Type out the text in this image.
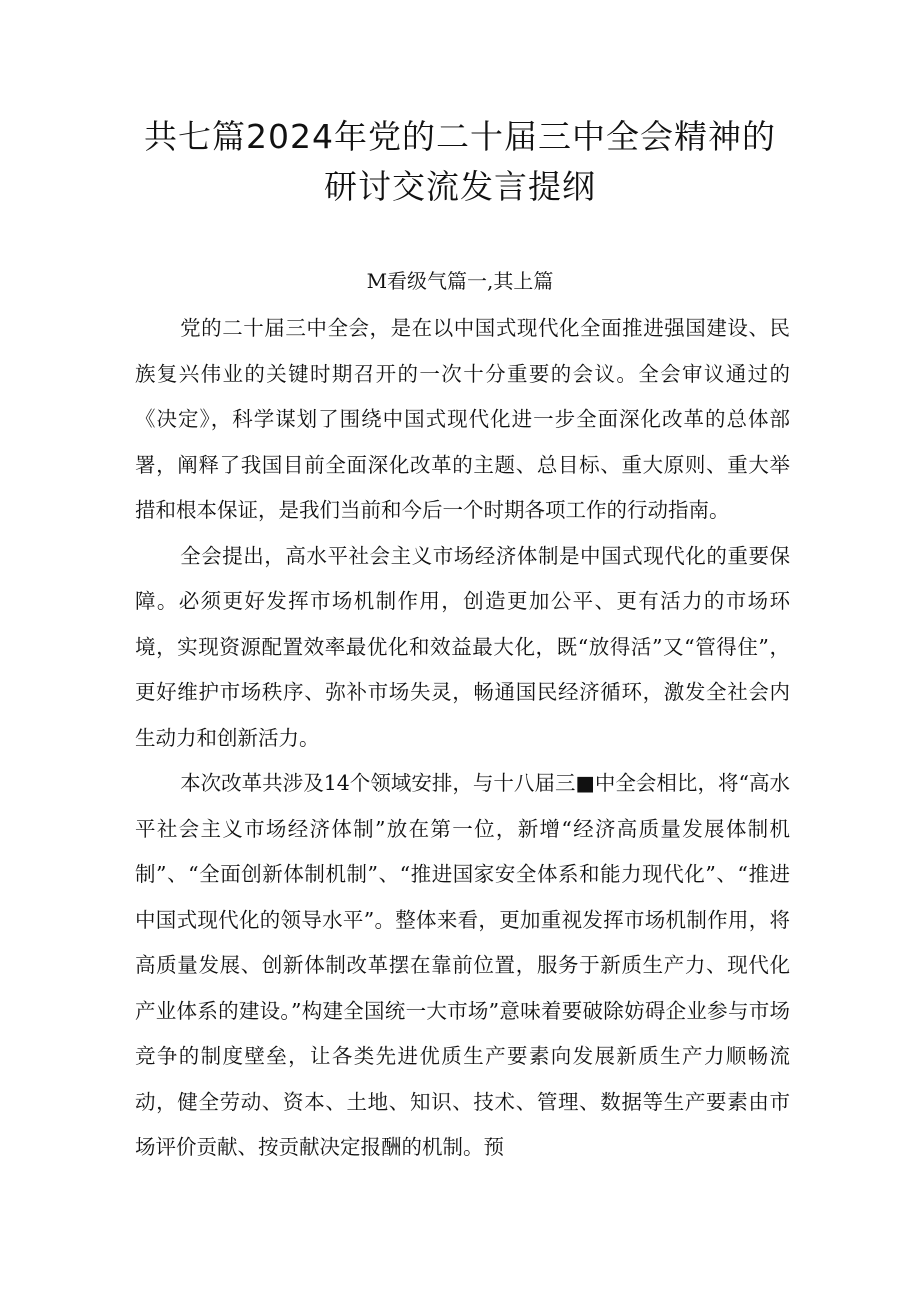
共七篇2024年党的二十届三中全会精神的
研讨交流发言提纲
M看级气篇一,其上篇

党的二十届三中全会，是在以中国式现代化全面推进强国建设、民族复兴伟业的关键时期召开的一次十分重要的会议。全会审议通过的《决定》，科学谋划了围绕中国式现代化进一步全面深化改革的总体部署，阐释了我国目前全面深化改革的主题、总目标、重大原则、重大举措和根本保证，是我们当前和今后一个时期各项工作的行动指南。

全会提出，高水平社会主义市场经济体制是中国式现代化的重要保障。必须更好发挥市场机制作用，创造更加公平、更有活力的市场环境，实现资源配置效率最优化和效益最大化，既“放得活”又“管得住”，更好维护市场秩序、弥补市场失灵，畅通国民经济循环，激发全社会内生动力和创新活力。

本次改革共涉及14个领域安排，与十八届三■中全会相比，将“高水平社会主义市场经济体制”放在第一位，新增“经济高质量发展体制机制”、“全面创新体制机制”、“推进国家安全体系和能力现代化”、“推进中国式现代化的领导水平”。整体来看，更加重视发挥市场机制作用，将高质量发展、创新体制改革摆在靠前位置，服务于新质生产力、现代化产业体系的建设。”构建全国统一大市场”意味着要破除妨碍企业参与市场竞争的制度壁垒，让各类先进优质生产要素向发展新质生产力顺畅流动，健全劳动、资本、土地、知识、技术、管理、数据等生产要素由市场评价贡献、按贡献决定报酬的机制。预
